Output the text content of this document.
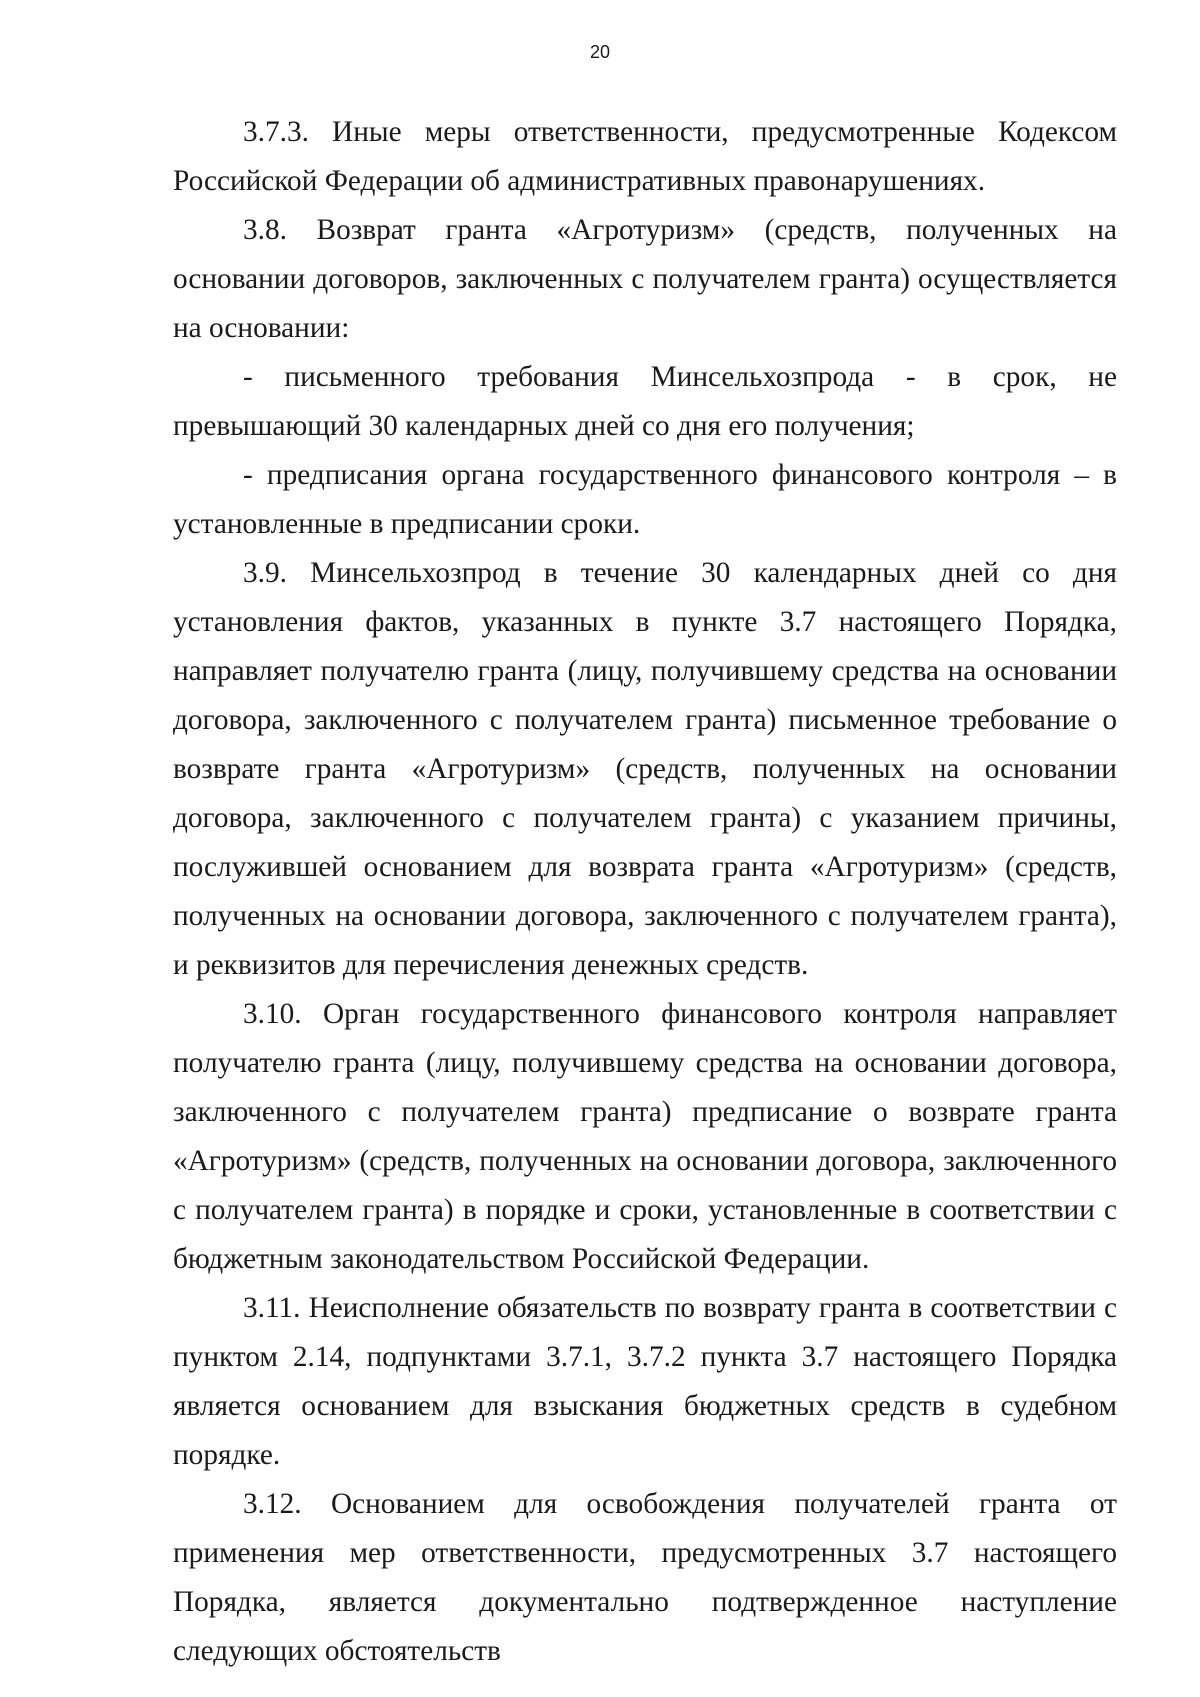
20

3.7.3. Иные меры ответственности, предусмотренные Кодексом Российской Федерации об административных правонарушениях.

3.8. Возврат гранта «Агротуризм» (средств, полученных на основании договоров, заключенных с получателем гранта) осуществляется на основании:

- письменного требования Минсельхозпрода - в срок, не превышающий 30 календарных дней со дня его получения;

- предписания органа государственного финансового контроля – в установленные в предписании сроки.

3.9. Минсельхозпрод в течение 30 календарных дней со дня установления фактов, указанных в пункте 3.7 настоящего Порядка, направляет получателю гранта (лицу, получившему средства на основании договора, заключенного с получателем гранта) письменное требование о возврате гранта «Агротуризм» (средств, полученных на основании договора, заключенного с получателем гранта) с указанием причины, послужившей основанием для возврата гранта «Агротуризм» (средств, полученных на основании договора, заключенного с получателем гранта), и реквизитов для перечисления денежных средств.

3.10. Орган государственного финансового контроля направляет получателю гранта (лицу, получившему средства на основании договора, заключенного с получателем гранта) предписание о возврате гранта «Агротуризм» (средств, полученных на основании договора, заключенного с получателем гранта) в порядке и сроки, установленные в соответствии с бюджетным законодательством Российской Федерации.

3.11. Неисполнение обязательств по возврату гранта в соответствии с пунктом 2.14, подпунктами 3.7.1, 3.7.2 пункта 3.7 настоящего Порядка является основанием для взыскания бюджетных средств в судебном порядке.

3.12. Основанием для освобождения получателей гранта от применения мер ответственности, предусмотренных 3.7 настоящего Порядка, является документально подтвержденное наступление следующих обстоятельств
